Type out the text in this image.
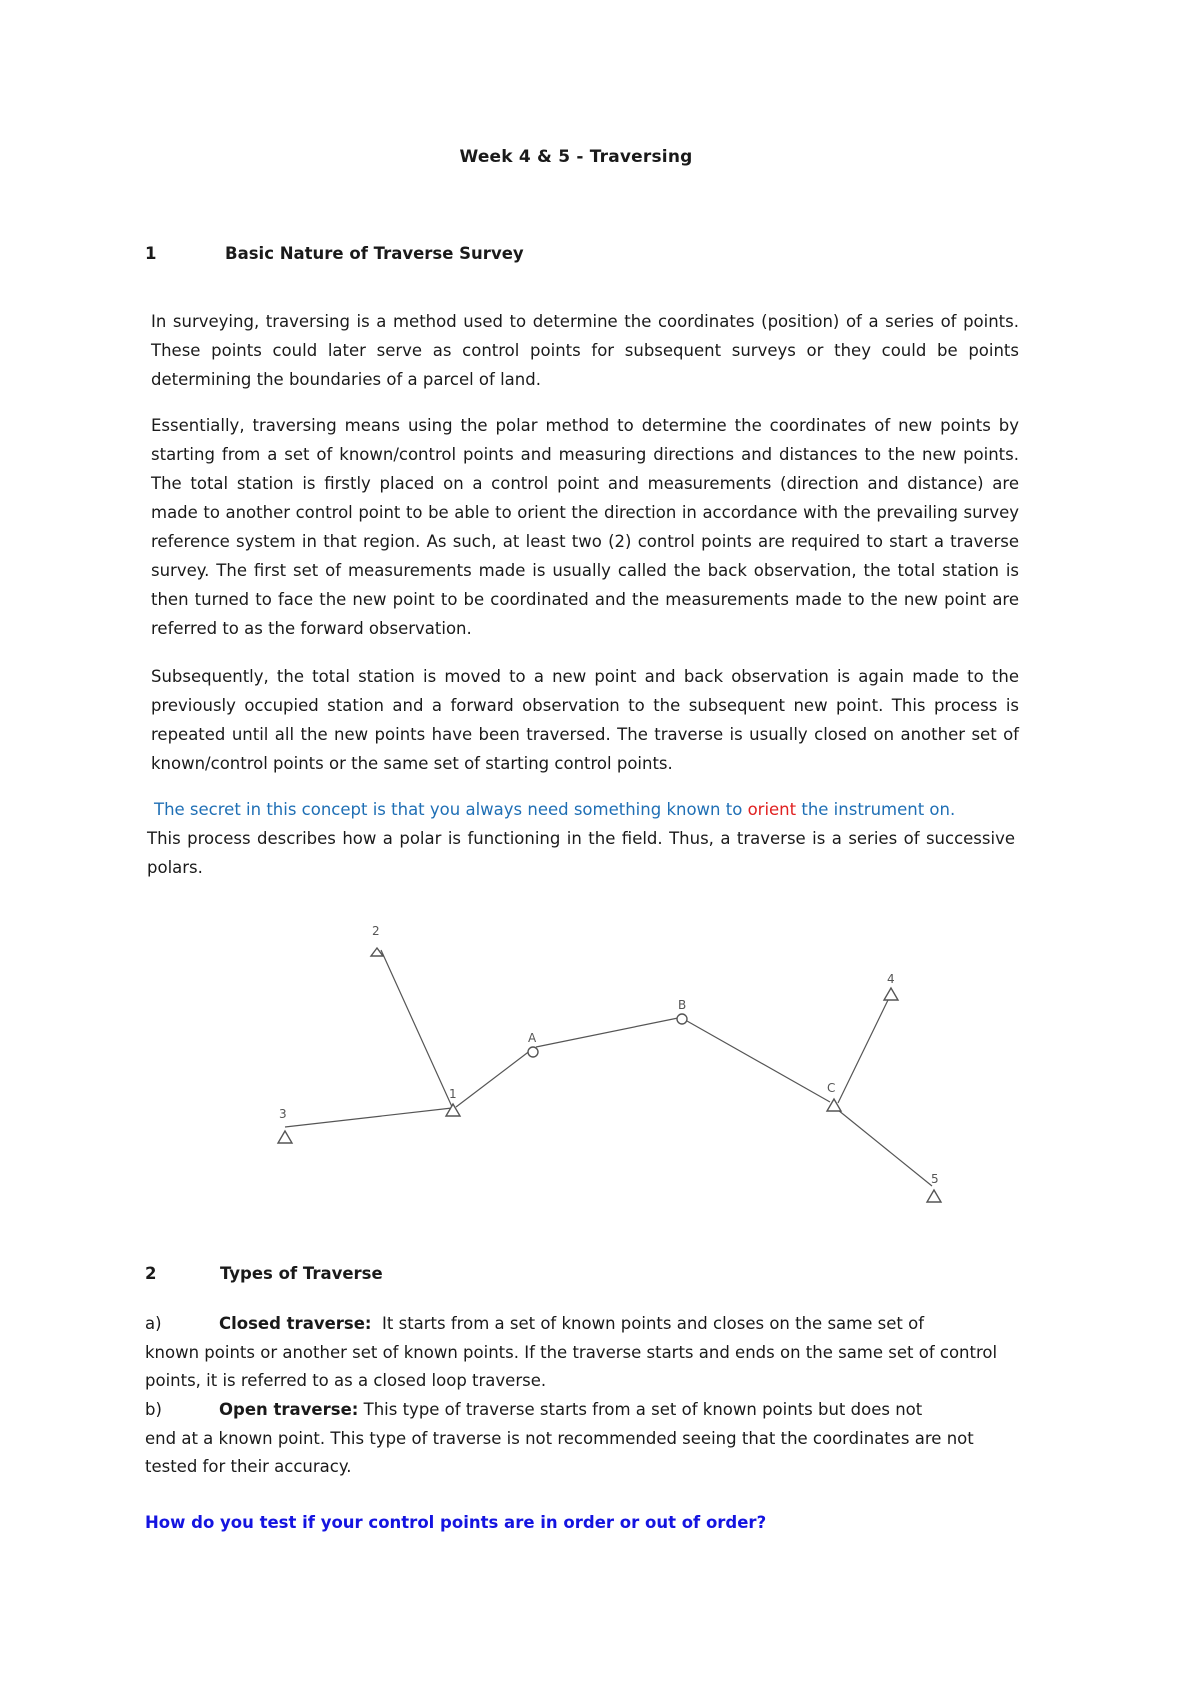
Week 4 & 5 - Traversing
1	Basic Nature of Traverse Survey
In surveying, traversing is a method used to determine the coordinates (position) of a series of points. These points could later serve as control points for subsequent surveys or they could be points determining the boundaries of a parcel of land.
Essentially, traversing means using the polar method to determine the coordinates of new points by starting from a set of known/control points and measuring directions and distances to the new points. The total station is firstly placed on a control point and measurements (direction and distance) are made to another control point to be able to orient the direction in accordance with the prevailing survey reference system in that region. As such, at least two (2) control points are required to start a traverse survey. The first set of measurements made is usually called the back observation, the total station is then turned to face the new point to be coordinated and the measurements made to the new point are referred to as the forward observation.
Subsequently, the total station is moved to a new point and back observation is again made to the previously occupied station and a forward observation to the subsequent new point. This process is repeated until all the new points have been traversed. The traverse is usually closed on another set of known/control points or the same set of starting control points.
The secret in this concept is that you always need something known to orient the instrument on.
This process describes how a polar is functioning in the field. Thus, a traverse is a series of successive polars.
2
3
1
A
B
C
4
5
2	Types of Traverse
a)	Closed traverse:  It starts from a set of known points and closes on the same set of
known points or another set of known points. If the traverse starts and ends on the same set of control points, it is referred to as a closed loop traverse.
b)	Open traverse: This type of traverse starts from a set of known points but does not
end at a known point. This type of traverse is not recommended seeing that the coordinates are not tested for their accuracy.
How do you test if your control points are in order or out of order?
